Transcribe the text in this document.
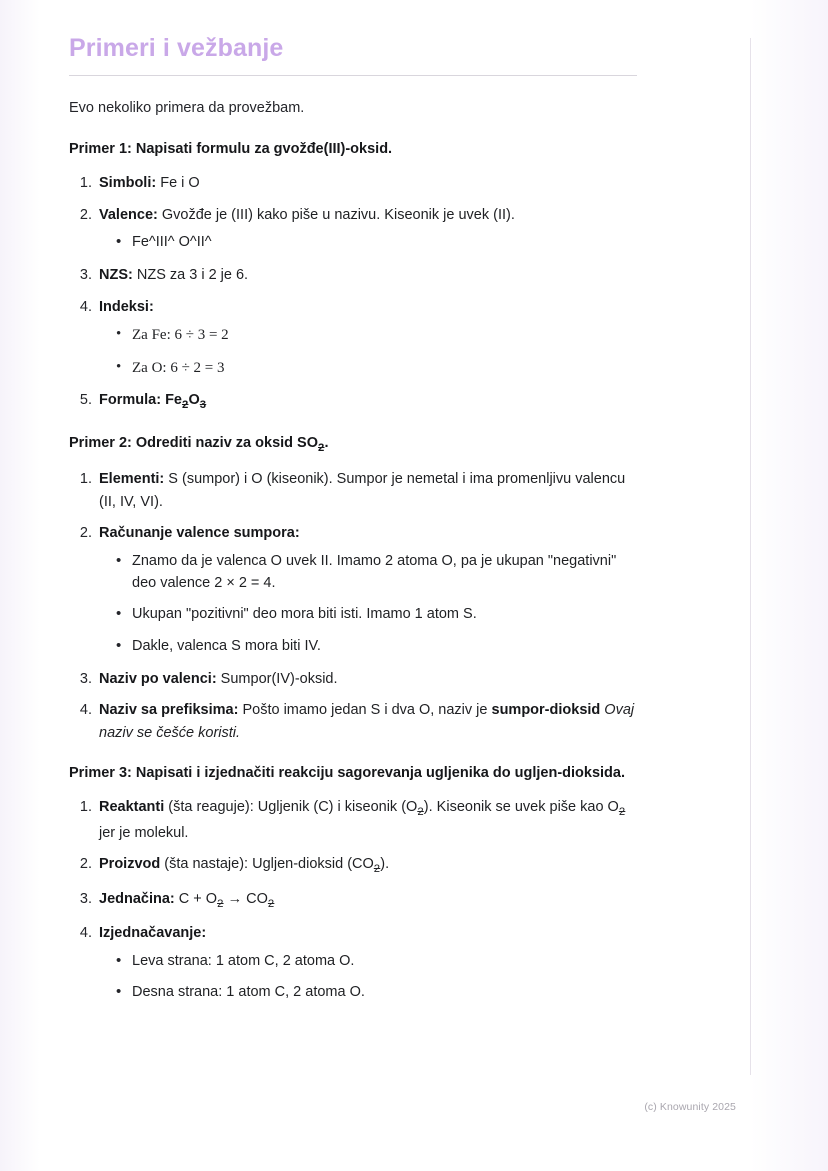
Primeri i vežbanje

Evo nekoliko primera da provežbam.

Primer 1: Napisati formulu za gvožđe(III)-oksid.

1. Simboli: Fe i O
2. Valence: Gvožđe je (III) kako piše u nazivu. Kiseonik je uvek (II).
• Fe^III^ O^II^
3. NZS: NZS za 3 i 2 je 6.
4. Indeksi:
• Za Fe: 6 ÷ 3 = 2
• Za O: 6 ÷ 2 = 3
5. Formula: $Fe_2O_3$

Primer 2: Odrediti naziv za oksid $SO_2$.

1. Elementi: S (sumpor) i O (kiseonik). Sumpor je nemetal i ima promenljivu valencu (II, IV, VI).
2. Računanje valence sumpora:
• Znamo da je valenca O uvek II. Imamo 2 atoma O, pa je ukupan "negativni" deo valence 2 × 2 = 4.
• Ukupan "pozitivni" deo mora biti isti. Imamo 1 atom S.
• Dakle, valenca S mora biti IV.
3. Naziv po valenci: Sumpor(IV)-oksid.
4. Naziv sa prefiksima: Pošto imamo jedan S i dva O, naziv je sumpor-dioksid Ovaj naziv se češće koristi.

Primer 3: Napisati i izjednačiti reakciju sagorevanja ugljenika do ugljen-dioksida.

1. Reaktanti (šta reaguje): Ugljenik (C) i kiseonik $(O_2)$. Kiseonik se uvek piše kao $O_2$ jer je molekul.
2. Proizvod (šta nastaje): Ugljen-dioksid $(CO_2)$.
3. Jednačina: $C + O_2 \to CO_2$
4. Izjednačavanje:
• Leva strana: 1 atom C, 2 atoma O.
• Desna strana: 1 atom C, 2 atoma O.
(c) Knowunity 2025
